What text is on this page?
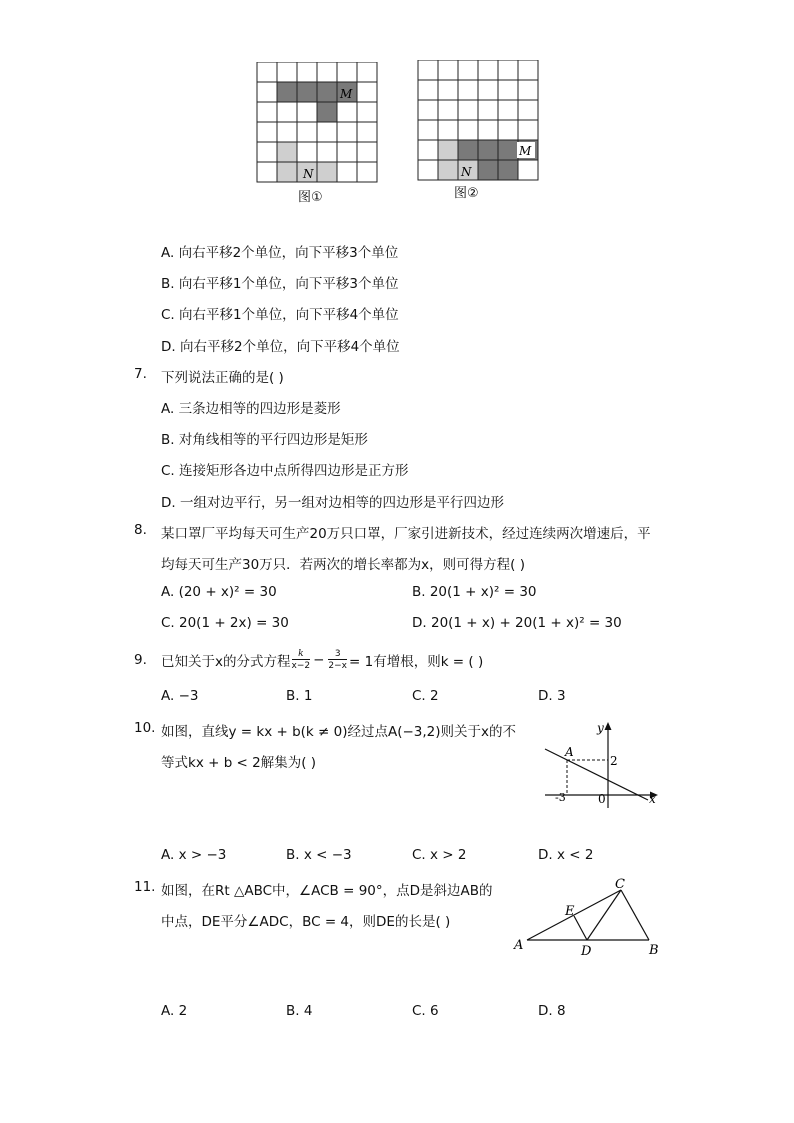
M
N
图①
M
N
图②
A. 向右平移2个单位，向下平移3个单位
B. 向右平移1个单位，向下平移3个单位
C. 向右平移1个单位，向下平移4个单位
D. 向右平移2个单位，向下平移4个单位
7. 下列说法正确的是( )
A. 三条边相等的四边形是菱形
B. 对角线相等的平行四边形是矩形
C. 连接矩形各边中点所得四边形是正方形
D. 一组对边平行，另一组对边相等的四边形是平行四边形
8. 某口罩厂平均每天可生产20万只口罩，厂家引进新技术，经过连续两次增速后，平
均每天可生产30万只．若两次的增长率都为x，则可得方程( )
A. (20 + x)² = 30	B. 20(1 + x)² = 30
C. 20(1 + 2x) = 30	D. 20(1 + x) + 20(1 + x)² = 30
9. 已知关于x的分式方程 $\frac{k}{x-2} - \frac{3}{2-x} = 1$有增根，则k = ( )
A. −3	B. 1	C. 2	D. 3
10. 如图，直线y = kx + b(k ≠ 0)经过点A(−3,2)则关于x的不
等式kx + b < 2解集为( )
y
x
A
2
-3	0
A. x > −3	B. x < −3	C. x > 2	D. x < 2
11. 如图，在Rt △ABC中，∠ACB = 90°，点D是斜边AB的
中点，DE平分∠ADC，BC = 4，则DE的长是( )
A	B
C
D
E
A. 2	B. 4	C. 6	D. 8
